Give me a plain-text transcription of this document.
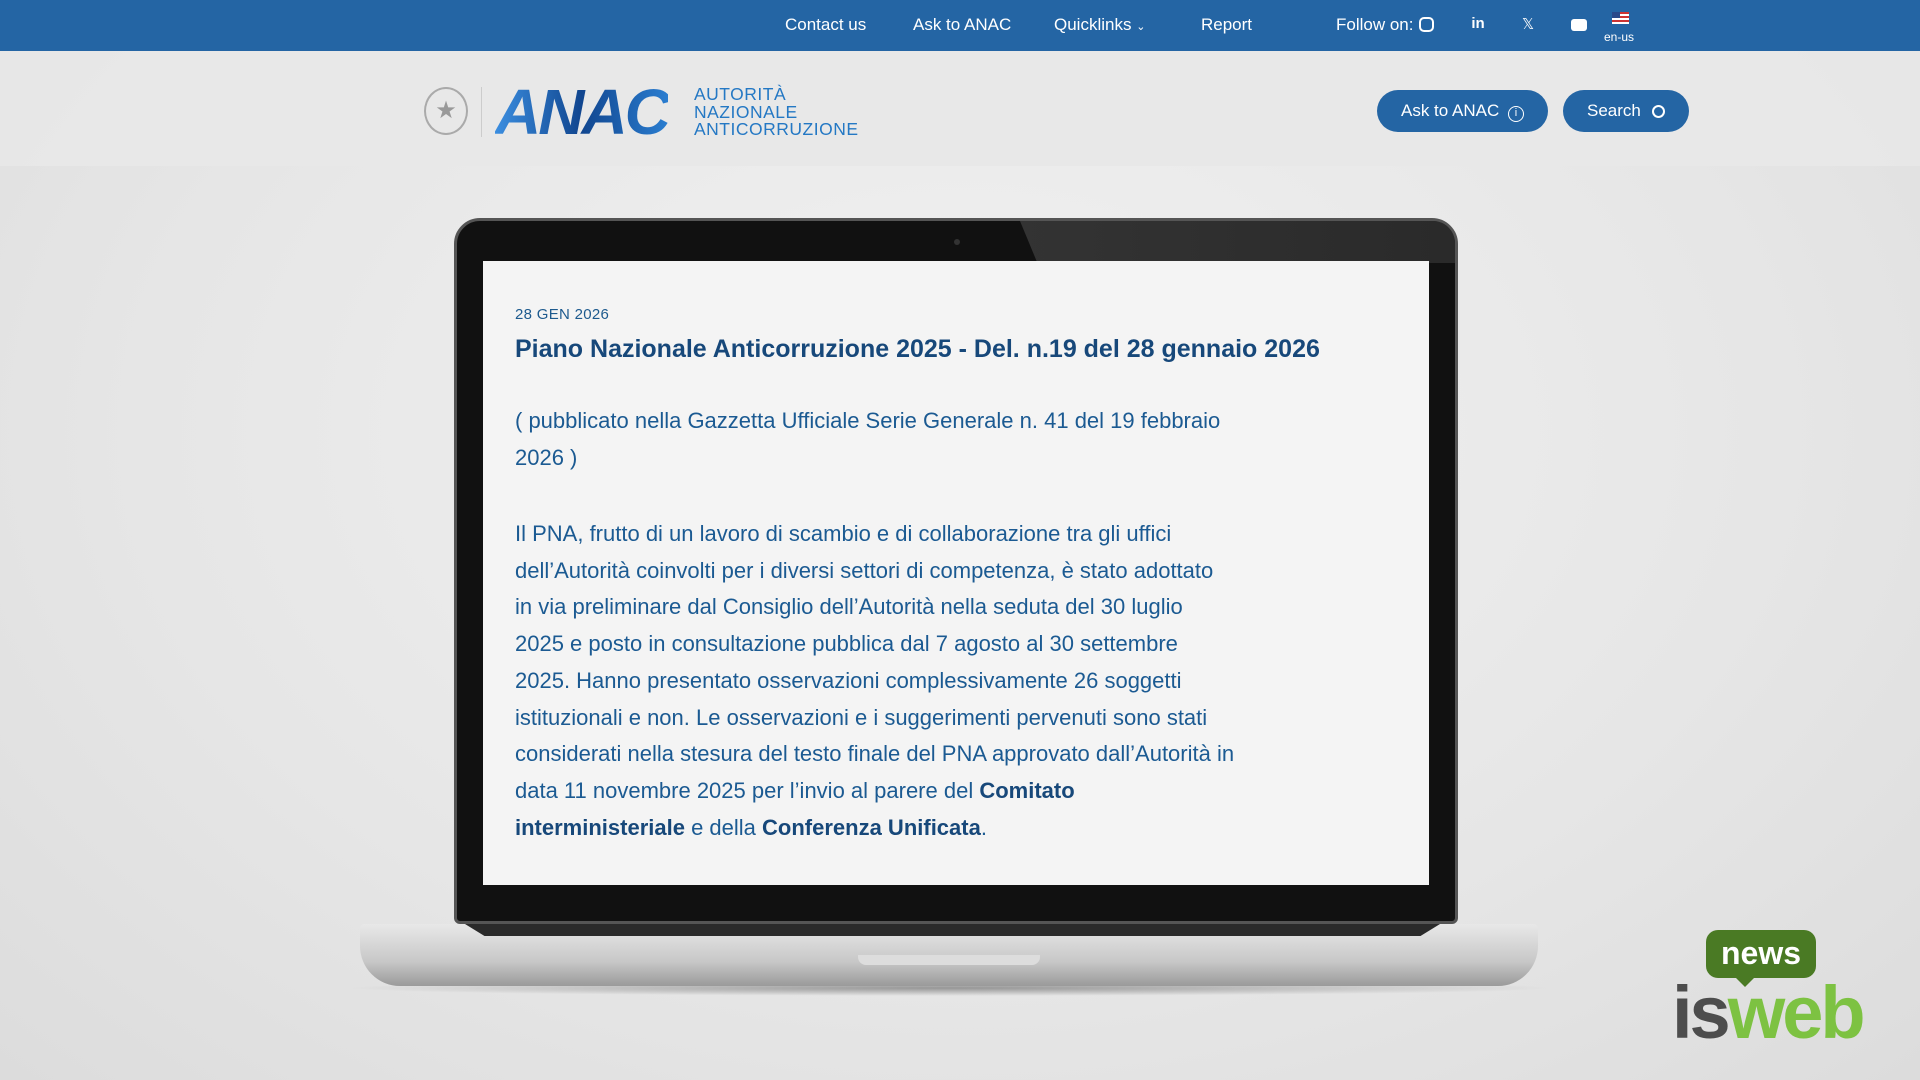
Contact us	Ask to ANAC	Quicklinks ⌄	Report	Follow on:	in 𝕏
en-us
★ ANAC AUTORITÀ
NAZIONALE
ANTICORRUZIONE
Ask to ANAC i	Search
28 GEN 2026
Piano Nazionale Anticorruzione 2025 - Del. n.19 del 28 gennaio 2026
( pubblicato nella Gazzetta Ufficiale Serie Generale n. 41 del 19 febbraio 2026 )
Il PNA, frutto di un lavoro di scambio e di collaborazione tra gli uffici dell’Autorità coinvolti per i diversi settori di competenza, è stato adottato in via preliminare dal Consiglio dell’Autorità nella seduta del 30 luglio 2025 e posto in consultazione pubblica dal 7 agosto al 30 settembre 2025. Hanno presentato osservazioni complessivamente 26 soggetti istituzionali e non. Le osservazioni e i suggerimenti pervenuti sono stati considerati nella stesura del testo finale del PNA approvato dall’Autorità in data 11 novembre 2025 per l’invio al parere del Comitato interministeriale e della Conferenza Unificata.
news
isweb
